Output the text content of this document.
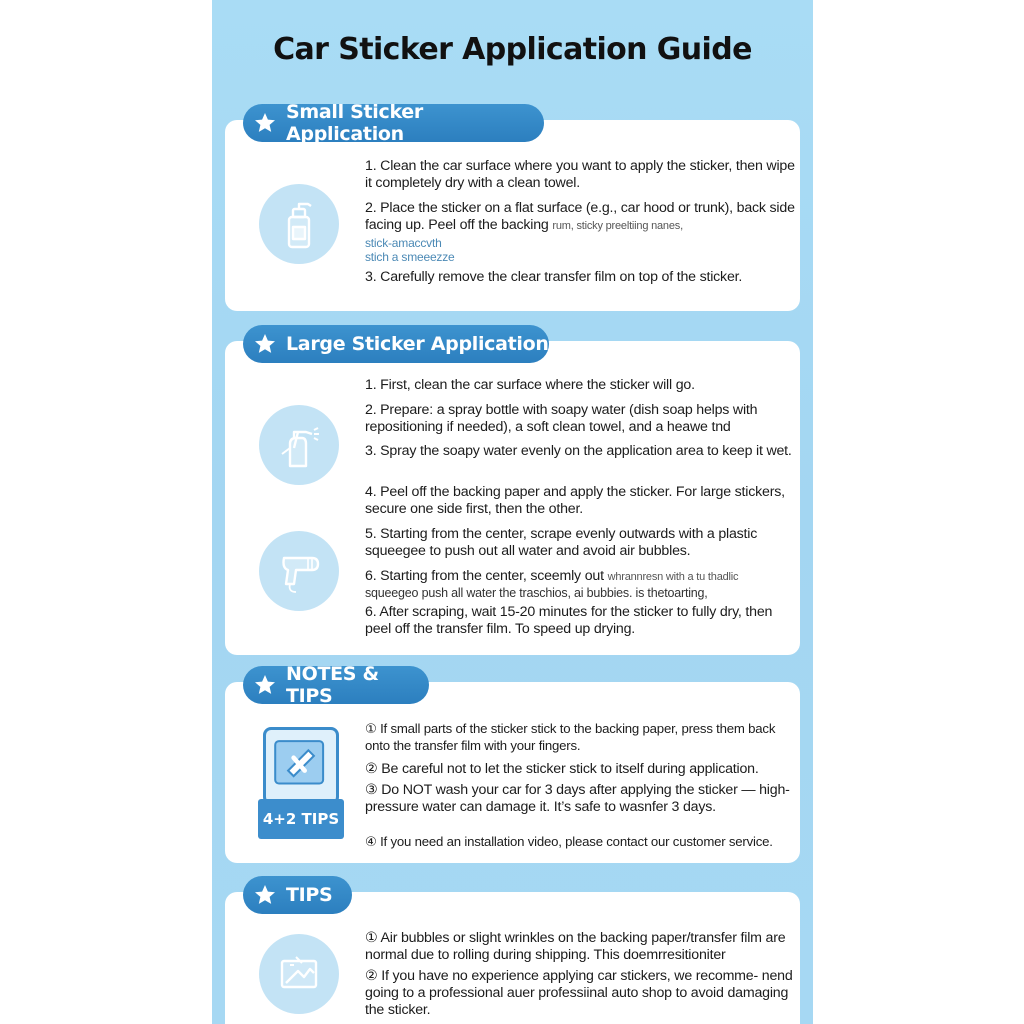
Car Sticker Application Guide
1. Clean the car surface where you want to apply the sticker, then wipe it completely dry with a clean towel.
2. Place the sticker on a flat surface (e.g., car hood or trunk), back side facing up. Peel off the backing rum, sticky preeltiing nanes,
stick-amaccvth
stich a smeeezze
3. Carefully remove the clear transfer film on top of the sticker.
Small Sticker Application
1. First, clean the car surface where the sticker will go.
2. Prepare: a spray bottle with soapy water (dish soap helps with repositioning if needed), a soft clean towel, and a heawe tnd
3. Spray the soapy water evenly on the application area to keep it wet.
4. Peel off the backing paper and apply the sticker. For large stickers, secure one side first, then the other.
5. Starting from the center, scrape evenly outwards with a plastic squeegee to push out all water and avoid air bubbles.
6. Starting from the center, sceemly out whrannresn with a tu thadlic
squeegeo push all water the traschios, ai bubbies. is thetoarting,
6. After scraping, wait 15-20 minutes for the sticker to fully dry, then peel off the transfer film. To speed up drying.
Large Sticker Application
4+2 TIPS
① If small parts of the sticker stick to the backing paper, press them back onto the transfer film with your fingers.
② Be careful not to let the sticker stick to itself during application.
③ Do NOT wash your car for 3 days after applying the sticker — high-pressure water can damage it. It’s safe to wasnfer 3 days.
④ If you need an installation video, please contact our customer service.
NOTES & TIPS
① Air bubbles or slight wrinkles on the backing paper/transfer film are normal due to rolling during shipping. This doemrresitioniter
② If you have no experience applying car stickers, we recomme- nend going to a professional auer professiinal auto shop to avoid damaging the sticker.
TIPS
